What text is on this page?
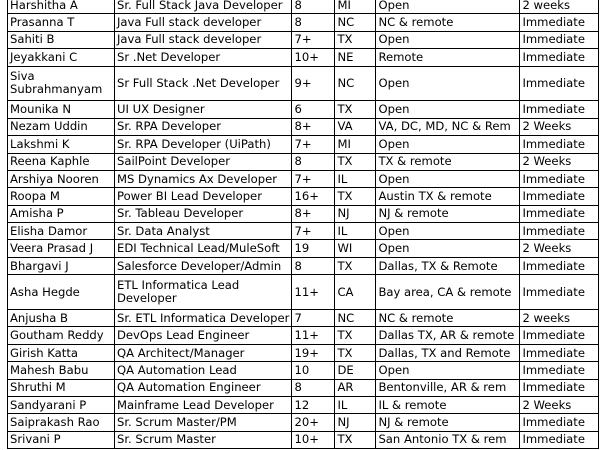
Harshitha A	Sr. Full Stack Java Developer	8	MI	Open	2 weeks
Prasanna T	Java Full stack developer	8	NC	NC & remote	Immediate
Sahiti B	Java Full stack developer	7+	TX	Open	Immediate
Jeyakkani C	Sr .Net Developer	10+	NE	Remote	Immediate
Siva Subrahmanyam	Sr Full Stack .Net Developer	9+	NC	Open	Immediate
Mounika N	UI UX Designer	6	TX	Open	Immediate
Nezam Uddin	Sr. RPA Developer	8+	VA	VA, DC, MD, NC & Rem	2 Weeks
Lakshmi K	Sr. RPA Developer (UiPath)	7+	MI	Open	Immediate
Reena Kaphle	SailPoint Developer	8	TX	TX & remote	2 Weeks
Arshiya Nooren	MS Dynamics Ax Developer	7+	IL	Open	Immediate
Roopa M	Power BI Lead Developer	16+	TX	Austin TX & remote	Immediate
Amisha P	Sr. Tableau Developer	8+	NJ	NJ & remote	Immediate
Elisha Damor	Sr. Data Analyst	7+	IL	Open	Immediate
Veera Prasad J	EDI Technical Lead/MuleSoft	19	WI	Open	2 Weeks
Bhargavi J	Salesforce Developer/Admin	8	TX	Dallas, TX & Remote	Immediate
Asha Hegde	ETL Informatica Lead Developer	11+	CA	Bay area, CA & remote	Immediate
Anjusha B	Sr. ETL Informatica Developer	7	NC	NC & remote	2 weeks
Goutham Reddy	DevOps Lead Engineer	11+	TX	Dallas TX, AR & remote	Immediate
Girish Katta	QA Architect/Manager	19+	TX	Dallas, TX and Remote	Immediate
Mahesh Babu	QA Automation Lead	10	DE	Open	Immediate
Shruthi M	QA Automation Engineer	8	AR	Bentonville, AR & rem	Immediate
Sandyarani P	Mainframe Lead Developer	12	IL	IL & remote	2 Weeks
Saiprakash Rao	Sr. Scrum Master/PM	20+	NJ	NJ & remote	Immediate
Srivani P	Sr. Scrum Master	10+	TX	San Antonio TX & rem	Immediate
